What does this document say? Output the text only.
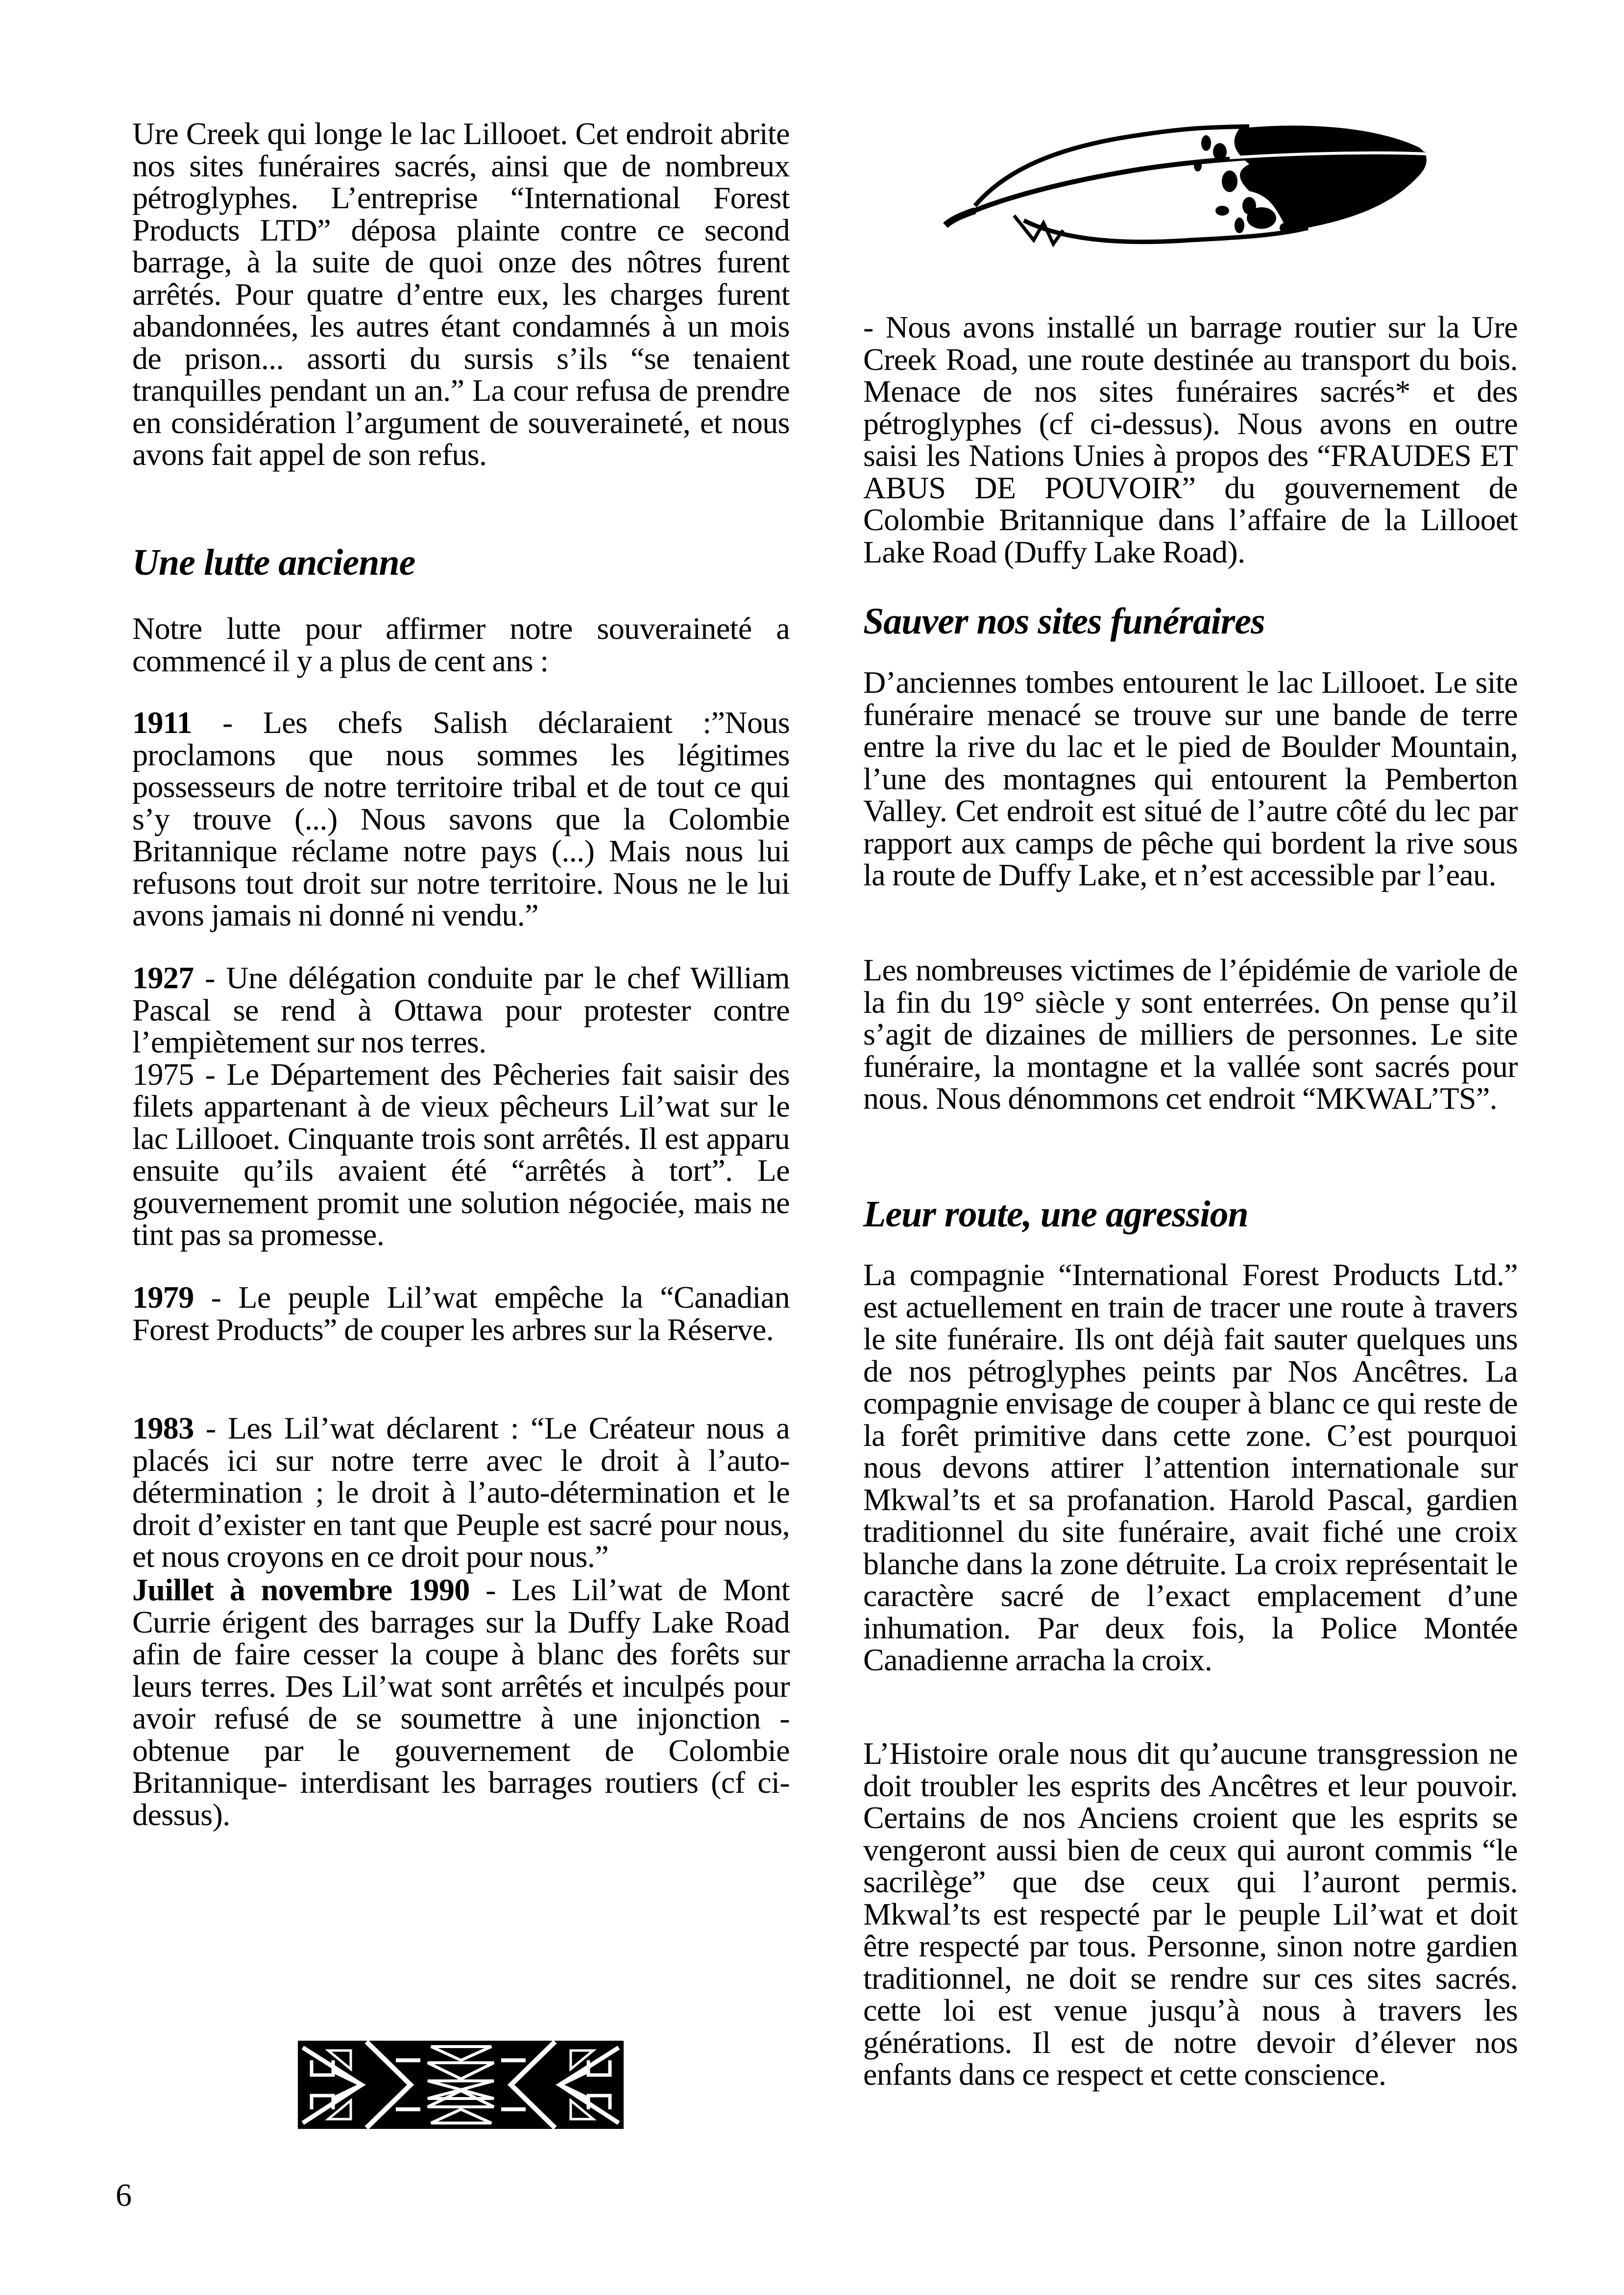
Ure Creek qui longe le lac Lillooet. Cet endroit abrite nos sites funéraires sacrés, ainsi que de nombreux pétroglyphes. L’entreprise “International Forest Products LTD” déposa plainte contre ce second barrage, à la suite de quoi onze des nôtres furent arrêtés. Pour quatre d’entre eux, les charges furent abandonnées, les autres étant condamnés à un mois de prison... assorti du sursis s’ils “se tenaient tranquilles pendant un an.” La cour refusa de prendre en considération l’argument de souveraineté, et nous avons fait appel de son refus.

Une lutte ancienne

Notre lutte pour affirmer notre souveraineté a commencé il y a plus de cent ans :

1911 - Les chefs Salish déclaraient :”Nous proclamons que nous sommes les légitimes possesseurs de notre territoire tribal et de tout ce qui s’y trouve (...) Nous savons que la Colombie Britannique réclame notre pays (...) Mais nous lui refusons tout droit sur notre territoire. Nous ne le lui avons jamais ni donné ni vendu.”

1927 - Une délégation conduite par le chef William Pascal se rend à Ottawa pour protester contre l’empiètement sur nos terres.
1975 - Le Département des Pêcheries fait saisir des filets appartenant à de vieux pêcheurs Lil’wat sur le lac Lillooet. Cinquante trois sont arrêtés. Il est apparu ensuite qu’ils avaient été “arrêtés à tort”. Le gouvernement promit une solution négociée, mais ne tint pas sa promesse.

1979 - Le peuple Lil’wat empêche la “Canadian Forest Products” de couper les arbres sur la Réserve.

1983 - Les Lil’wat déclarent : “Le Créateur nous a placés ici sur notre terre avec le droit à l’auto-détermination ; le droit à l’auto-détermination et le droit d’exister en tant que Peuple est sacré pour nous, et nous croyons en ce droit pour nous.”

Juillet à novembre 1990 - Les Lil’wat de Mont Currie érigent des barrages sur la Duffy Lake Road afin de faire cesser la coupe à blanc des forêts sur leurs terres. Des Lil’wat sont arrêtés et inculpés pour avoir refusé de se soumettre à une injonction -obtenue par le gouvernement de Colombie Britannique- interdisant les barrages routiers (cf ci-dessus).

6

- Nous avons installé un barrage routier sur la Ure Creek Road, une route destinée au transport du bois. Menace de nos sites funéraires sacrés* et des pétroglyphes (cf ci-dessus). Nous avons en outre saisi les Nations Unies à propos des “FRAUDES ET ABUS DE POUVOIR” du gouvernement de Colombie Britannique dans l’affaire de la Lillooet Lake Road (Duffy Lake Road).

Sauver nos sites funéraires

D’anciennes tombes entourent le lac Lillooet. Le site funéraire menacé se trouve sur une bande de terre entre la rive du lac et le pied de Boulder Mountain, l’une des montagnes qui entourent la Pemberton Valley. Cet endroit est situé de l’autre côté du lec par rapport aux camps de pêche qui bordent la rive sous la route de Duffy Lake, et n’est accessible par l’eau.

Les nombreuses victimes de l’épidémie de variole de la fin du 19° siècle y sont enterrées. On pense qu’il s’agit de dizaines de milliers de personnes. Le site funéraire, la montagne et la vallée sont sacrés pour nous. Nous dénommons cet endroit “MKWAL’TS”.

Leur route, une agression

La compagnie “International Forest Products Ltd.” est actuellement en train de tracer une route à travers le site funéraire. Ils ont déjà fait sauter quelques uns de nos pétroglyphes peints par Nos Ancêtres. La compagnie envisage de couper à blanc ce qui reste de la forêt primitive dans cette zone. C’est pourquoi nous devons attirer l’attention internationale sur Mkwal’ts et sa profanation. Harold Pascal, gardien traditionnel du site funéraire, avait fiché une croix blanche dans la zone détruite. La croix représentait le caractère sacré de l’exact emplacement d’une inhumation. Par deux fois, la Police Montée Canadienne arracha la croix.

L’Histoire orale nous dit qu’aucune transgression ne doit troubler les esprits des Ancêtres et leur pouvoir. Certains de nos Anciens croient que les esprits se vengeront aussi bien de ceux qui auront commis “le sacrilège” que dse ceux qui l’auront permis. Mkwal’ts est respecté par le peuple Lil’wat et doit être respecté par tous. Personne, sinon notre gardien traditionnel, ne doit se rendre sur ces sites sacrés. cette loi est venue jusqu’à nous à travers les générations. Il est de notre devoir d’élever nos enfants dans ce respect et cette conscience.
